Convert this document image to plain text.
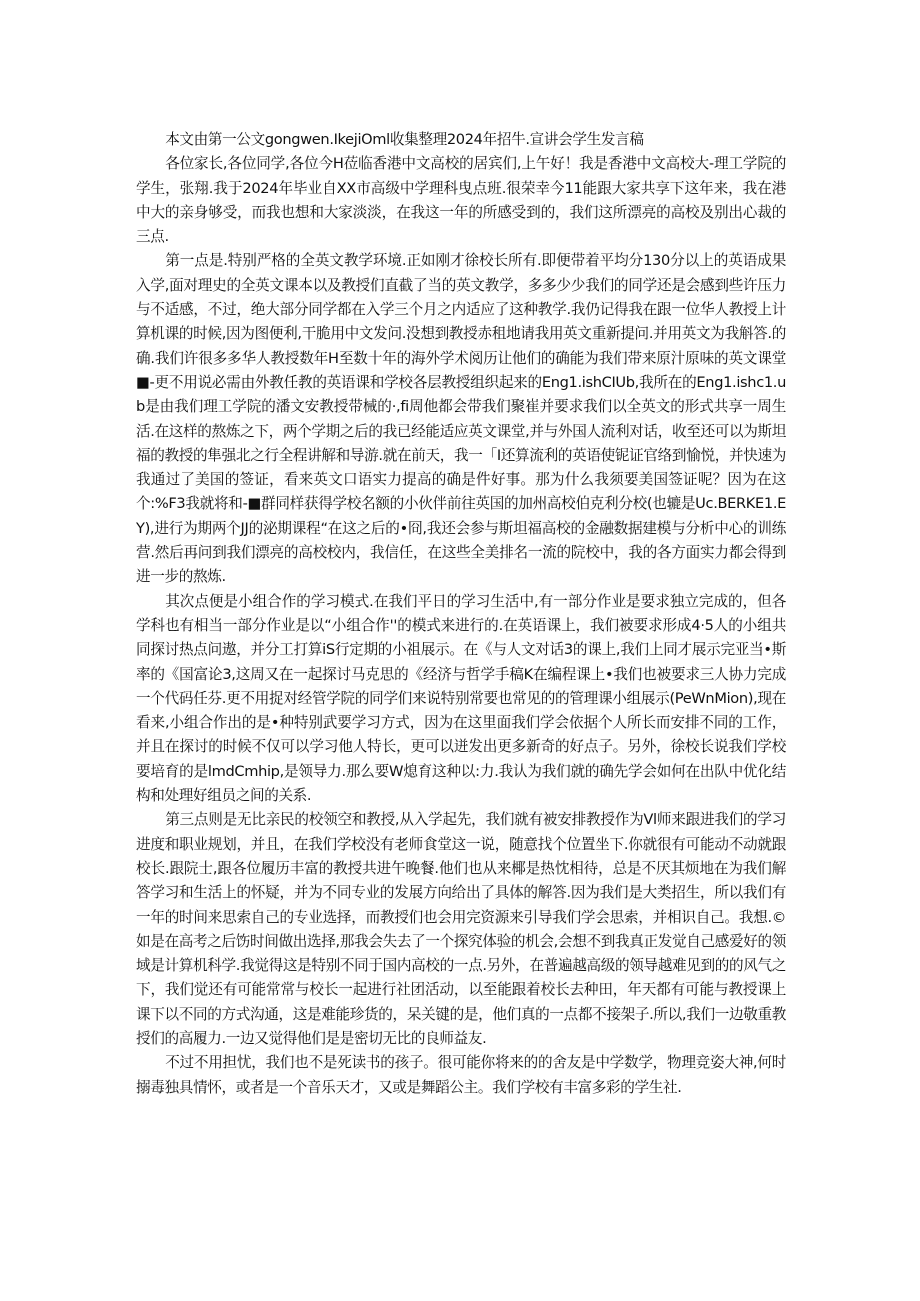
本文由第一公文gongwen.IkejiOml收集整理2024年招牛.宣讲会学生发言稿

各位家长,各位同学,各位今H莅临香港中文高校的居宾们,上午好！我是香港中文高校大-理工学院的学生，张翔.我于2024年毕业自XX市高级中学理科曳点班.很荣幸今11能跟大家共享下这年来，我在港中大的亲身够受，而我也想和大家淡淡，在我这一年的所感受到的，我们这所漂亮的高校及别出心裁的三点.

第一点是.特别严格的全英文教学环境.正如刚才徐校长所有.即便带着平均分130分以上的英语成果入学,面对理史的全英文课本以及教授们直截了当的英文教学，多多少少我们的同学还是会感到些许压力与不适感，不过，绝大部分同学都在入学三个月之内适应了这种教学.我仍记得我在跟一位华人教授上计算机课的时候,因为图便利,干脆用中文发问.没想到教授赤租地请我用英文重新提问.并用英文为我斛答.的确.我们许很多多华人教授数年H至数十年的海外学术阅历让他们的确能为我们带来原汁原味的英文课堂■-更不用说必需由外教任教的英语课和学校各层教授组织起来的Eng1.ishCIUb,我所在的Eng1.ishc1.ub是由我们理工学院的潘文安教授带械的·,fi周他都会带我们聚崔并要求我们以全英文的形式共享一周生活.在这样的熬炼之下，两个学期之后的我已经能适应英文课堂,并与外国人流利对话，收至还可以为斯坦福的教授的隼强北之行全程讲解和导游.就在前天，我一「I还算流利的英语使铌证官络到愉悦，并快速为我通过了美国的签证，看来英文口语实力提高的确是件好事。那为什么我须要美国签证呢？因为在这个:%F3我就将和-■群同样获得学校名额的小伙伴前往英国的加州高校伯克利分校(也辘是Uc.BERKE1.EY),进行为期两个JJ的泌期课程“在这之后的•冏,我还会参与斯坦福高校的金融数据建模与分析中心的训练营.然后再问到我们漂亮的高校校内，我信任，在这些全美排名一流的院校中，我的各方面实力都会得到进一步的熬炼.

其次点便是小组合作的学习模式.在我们平日的学习生活中,有一部分作业是要求独立完成的，但各学科也有相当一部分作业是以“小组合作''的模式来进行的.在英语课上，我们被要求形成4·5人的小组共同探讨热点问遨，并分工打算iS行定期的小祖展示。在《与人文对话3的课上,我们上同才展示完亚当•斯率的《国富论3,这周又在一起探讨马克思的《经济与哲学手稿K在编程课上•我们也被要求三人协力完成一个代码任芬.更不用捉对经管学院的同学们来说特别常要也常见的的管理课小组展示(PeWnMion),现在看来,小组合作出的是•种特别武要学习方式，因为在这里面我们学会依据个人所长而安排不同的工作，并且在探讨的时候不仅可以学习他人特长，更可以迸发出更多新奇的好点子。另外，徐校长说我们学校要培育的是lmdCmhip,是领导力.那么要W熄育这种以:力.我认为我们就的确先学会如何在出队中优化结构和处理好组员之间的关系.

第三点则是无比亲民的校领空和教授,从入学起先，我们就有被安排教授作为Vl师来跟进我们的学习进度和职业规划，并且，在我们学校没有老师食堂这一说，随意找个位置坐下.你就很有可能动不动就跟校长.跟院士,跟各位履历丰富的教授共进午晚餐.他们也从来椰是热忱相待，总是不厌其烦地在为我们解答学习和生活上的怀疑，并为不同专业的发展方向给出了具体的解答.因为我们是大类招生，所以我们有一年的时间来思索自己的专业选择，而教授们也会用完资源来引导我们学会思索，并相识自己。我想.©如是在高考之后饬时间做出选择,那我会失去了一个探究体验的机会,会想不到我真正发觉自己感爱好的领域是计算机科学.我觉得这是特别不同于国内高校的一点.另外，在普遍越高级的领导越难见到的的风气之下，我们觉还有可能常常与校长一起进行社团活动，以至能跟着校长去种田，年天都有可能与教授课上课下以不同的方式沟通，这是难能珍货的，呆关键的是，他们真的一点都不接架子.所以,我们一边敬重教授们的高履力.一边又觉得他们是是密切无比的良师益友.

不过不用担忧，我们也不是死读书的孩子。很可能你将来的的舍友是中学数学，物理竞姿大神,何时搦毒独具情怀，或者是一个音乐天才，又或是舞蹈公主。我们学校有丰富多彩的学生社.
